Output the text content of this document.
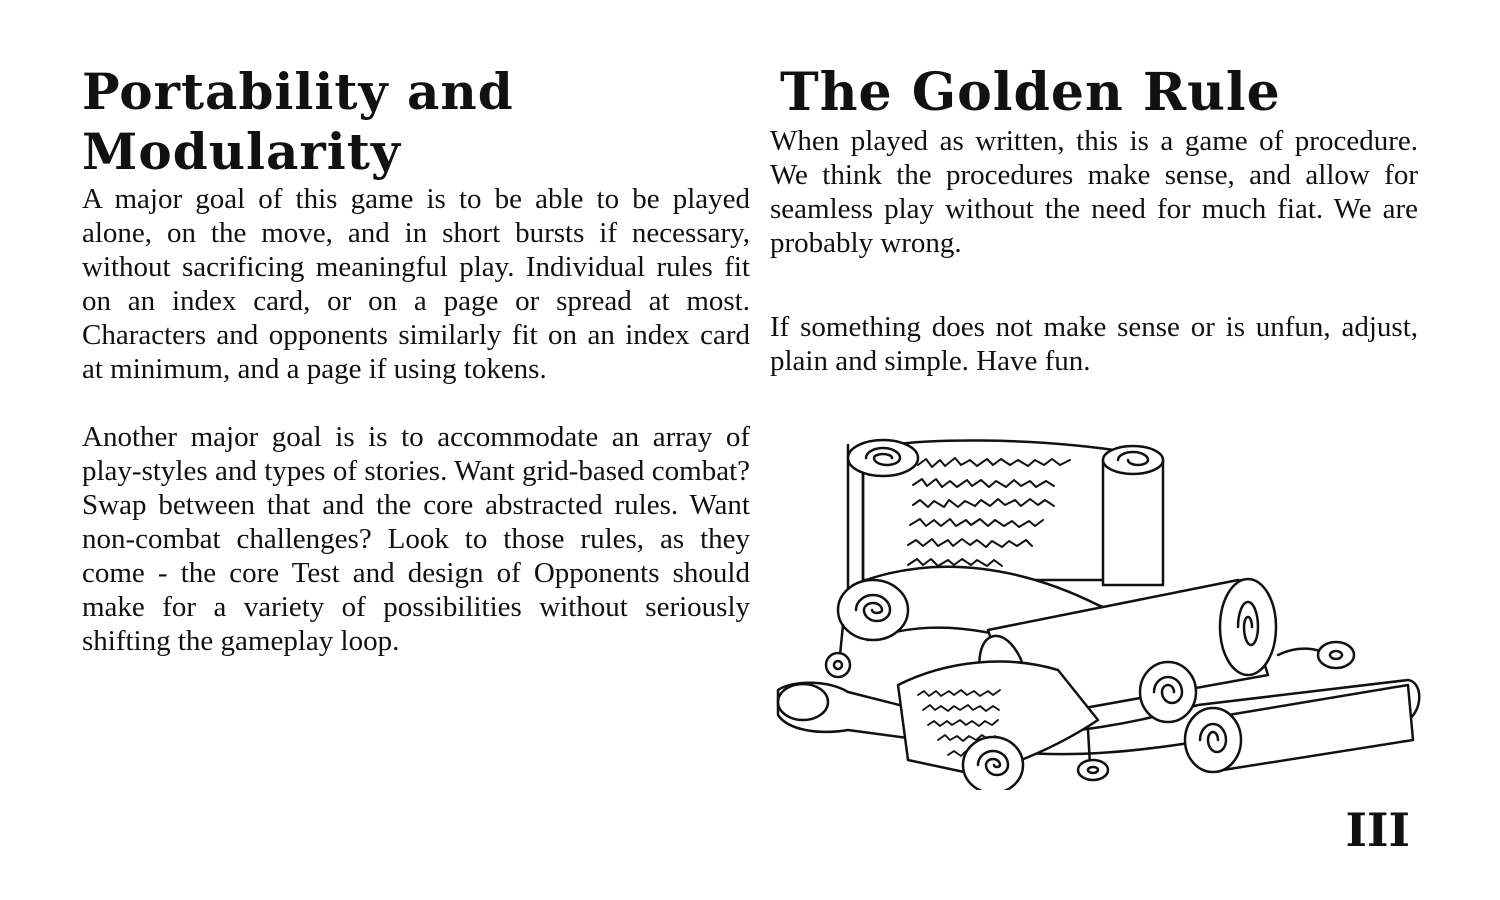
Portability and Modularity

A major goal of this game is to be able to be played alone, on the move, and in short bursts if necessary, without sacrificing meaningful play. Individual rules fit on an index card, or on a page or spread at most. Characters and opponents similarly fit on an index card at minimum, and a page if using tokens.

Another major goal is is to accommodate an array of play-styles and types of stories. Want grid-based combat? Swap between that and the core abstracted rules. Want non-combat challenges? Look to those rules, as they come - the core Test and design of Opponents should make for a variety of possibilities without seriously shifting the gameplay loop.

The Golden Rule

When played as written, this is a game of procedure. We think the procedures make sense, and allow for seamless play without the need for much fiat. We are probably wrong.

If something does not make sense or is unfun, adjust, plain and simple. Have fun.

III
